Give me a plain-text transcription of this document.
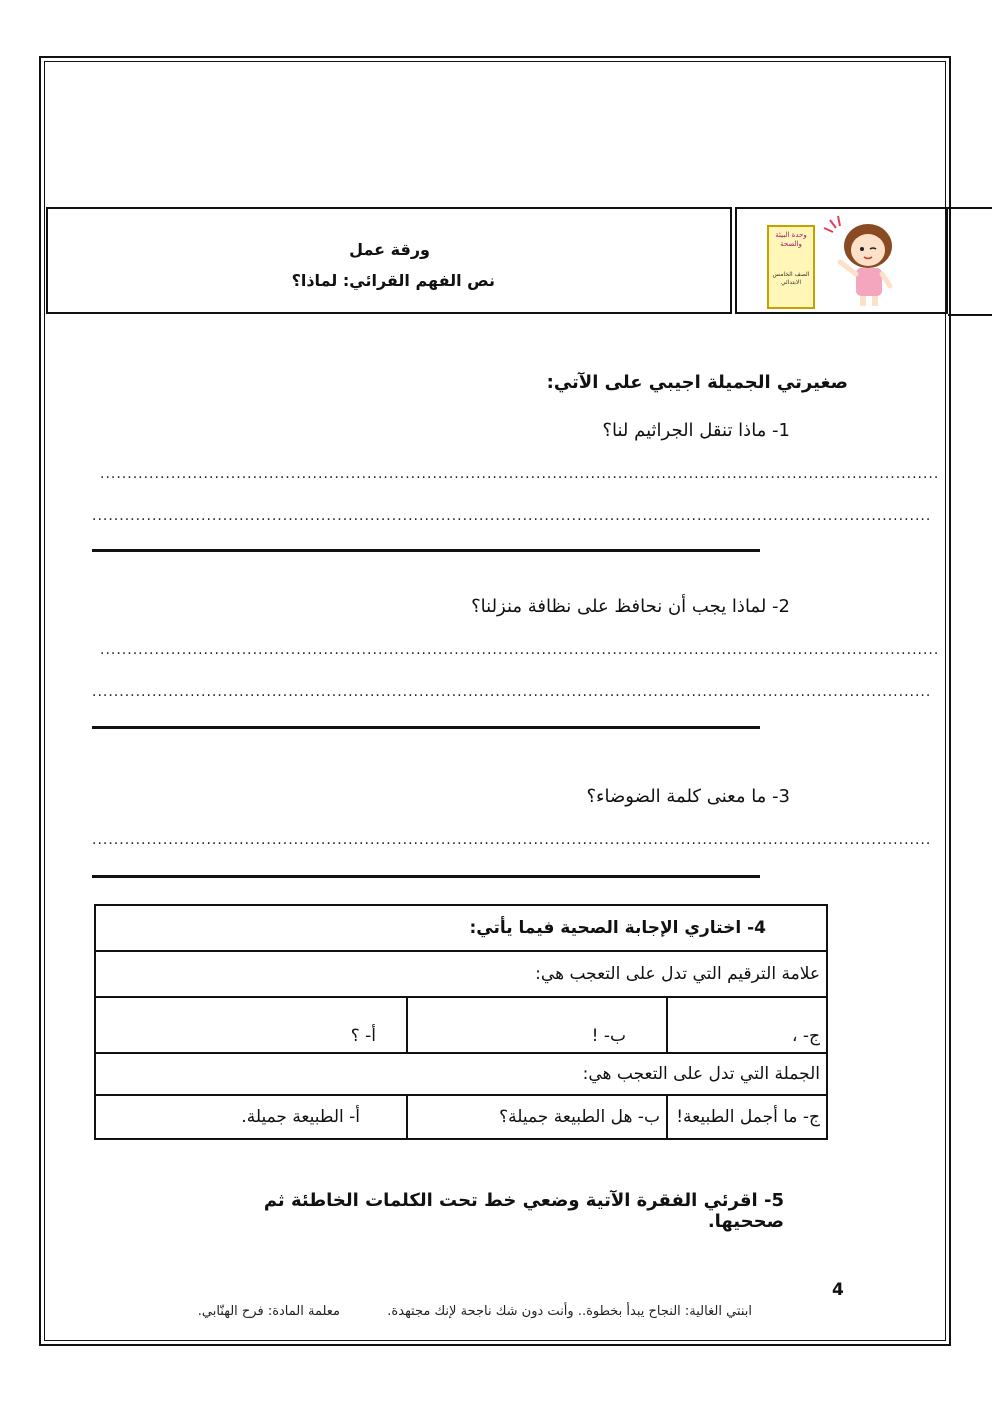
ورقة عمل
نص الفهم القرائي: لماذا؟
وحدة البيئة والصحة
الصف الخامس الابتدائي
صغيرتي الجميلة اجيبي على الآتي:
1- ماذا تنقل الجراثيم لنا؟
..........................................................................................................................................................
..........................................................................................................................................................
2- لماذا يجب أن نحافظ على نظافة منزلنا؟
..........................................................................................................................................................
..........................................................................................................................................................
3- ما معنى كلمة الضوضاء؟
..........................................................................................................................................................
4- اختاري الإجابة الصحية فيما يأتي:		
علامة الترقيم التي تدل على التعجب هي:		
أ- ؟	ب- !	ج- ،
الجملة التي تدل على التعجب هي:		
أ- الطبيعة جميلة.	ب- هل الطبيعة جميلة؟	ج- ما أجمل الطبيعة!
5- اقرئي الفقرة الآتية وضعي خط تحت الكلمات الخاطئة ثم صححيها.
4
ابنتي الغالية: النجاح يبدأ بخطوة.. وأنت دون شك ناجحة لإنك مجتهدة.
معلمة المادة: فرح الهنّابي.
